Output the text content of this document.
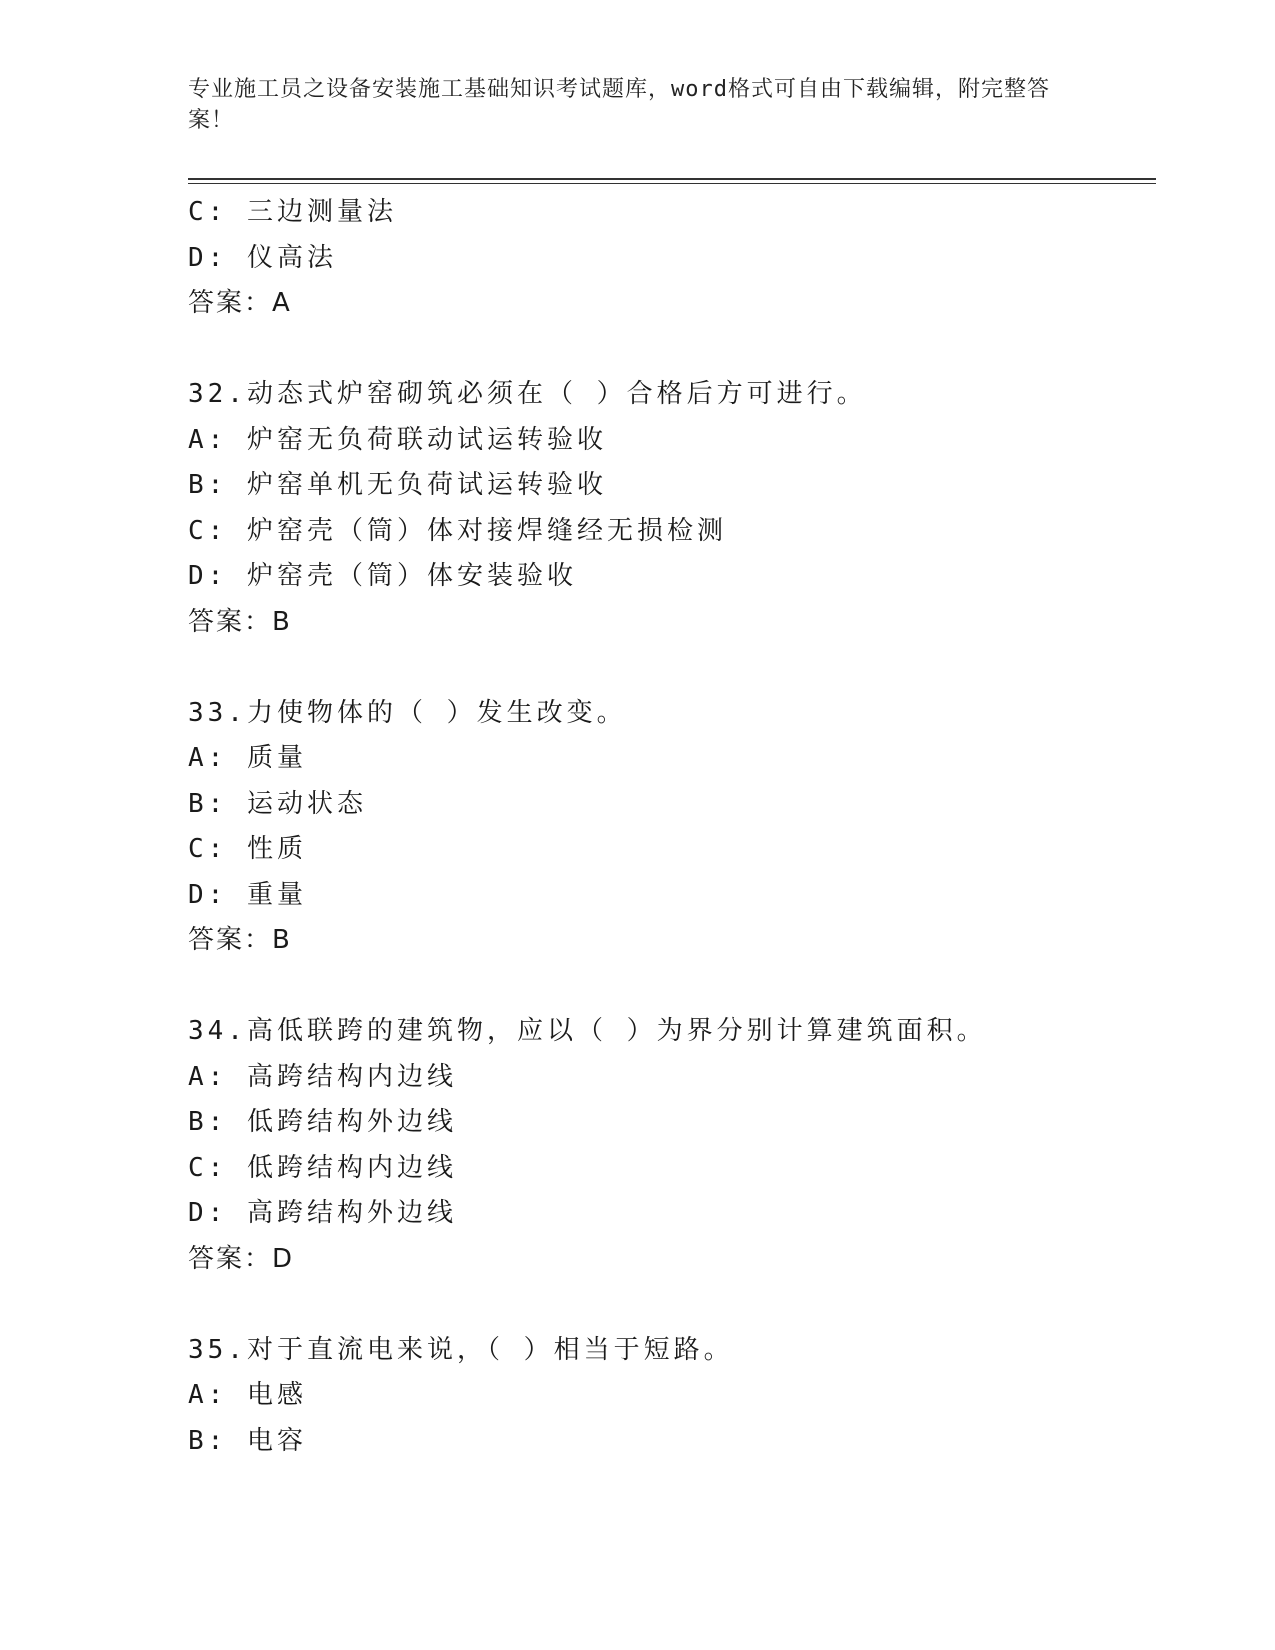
专业施工员之设备安装施工基础知识考试题库，word格式可自由下载编辑，附完整答案！
C: 三边测量法
D: 仪高法
答案：A
32.动态式炉窑砌筑必须在（ ）合格后方可进行。
A: 炉窑无负荷联动试运转验收
B: 炉窑单机无负荷试运转验收
C: 炉窑壳（筒）体对接焊缝经无损检测
D: 炉窑壳（筒）体安装验收
答案：B
33.力使物体的（ ）发生改变。
A: 质量
B: 运动状态
C: 性质
D: 重量
答案：B
34.高低联跨的建筑物，应以（ ）为界分别计算建筑面积。
A: 高跨结构内边线
B: 低跨结构外边线
C: 低跨结构内边线
D: 高跨结构外边线
答案：D
35.对于直流电来说，（ ）相当于短路。
A: 电感
B: 电容
